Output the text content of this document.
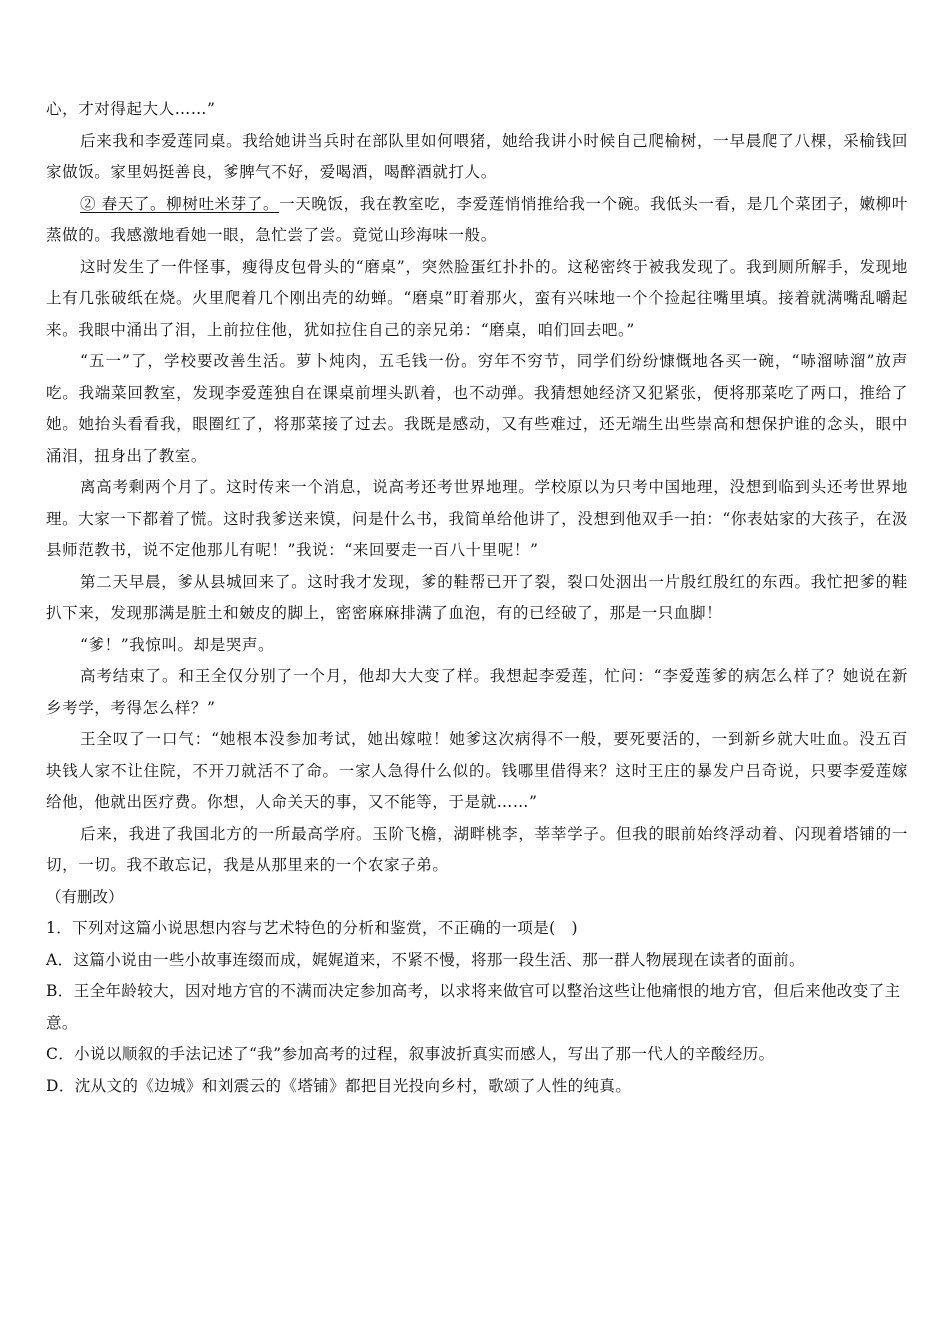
心，才对得起大人……”

后来我和李爱莲同桌。我给她讲当兵时在部队里如何喂猪，她给我讲小时候自己爬榆树，一早晨爬了八棵，采榆钱回家做饭。家里妈挺善良，爹脾气不好，爱喝酒，喝醉酒就打人。

② 春天了。柳树吐米芽了。一天晚饭，我在教室吃，李爱莲悄悄推给我一个碗。我低头一看，是几个菜团子，嫩柳叶蒸做的。我感激地看她一眼，急忙尝了尝。竟觉山珍海味一般。

这时发生了一件怪事，瘦得皮包骨头的“磨桌”，突然脸蛋红扑扑的。这秘密终于被我发现了。我到厕所解手，发现地上有几张破纸在烧。火里爬着几个刚出壳的幼蝉。“磨桌”盯着那火，蛮有兴味地一个个捡起往嘴里填。接着就满嘴乱嚼起来。我眼中涌出了泪，上前拉住他，犹如拉住自己的亲兄弟：“磨桌，咱们回去吧。”

“五一”了，学校要改善生活。萝卜炖肉，五毛钱一份。穷年不穷节，同学们纷纷慷慨地各买一碗，“哧溜哧溜”放声吃。我端菜回教室，发现李爱莲独自在课桌前埋头趴着，也不动弹。我猜想她经济又犯紧张，便将那菜吃了两口，推给了她。她抬头看看我，眼圈红了，将那菜接了过去。我既是感动，又有些难过，还无端生出些崇高和想保护谁的念头，眼中涌泪，扭身出了教室。

离高考剩两个月了。这时传来一个消息，说高考还考世界地理。学校原以为只考中国地理，没想到临到头还考世界地理。大家一下都着了慌。这时我爹送来馍，问是什么书，我简单给他讲了，没想到他双手一拍：“你表姑家的大孩子，在汲县师范教书，说不定他那儿有呢！”我说：“来回要走一百八十里呢！”

第二天早晨，爹从县城回来了。这时我才发现，爹的鞋帮已开了裂，裂口处洇出一片殷红殷红的东西。我忙把爹的鞋扒下来，发现那满是脏土和皴皮的脚上，密密麻麻排满了血泡，有的已经破了，那是一只血脚！

“爹！”我惊叫。却是哭声。

高考结束了。和王全仅分别了一个月，他却大大变了样。我想起李爱莲，忙问：“李爱莲爹的病怎么样了？她说在新乡考学，考得怎么样？”

王全叹了一口气：“她根本没参加考试，她出嫁啦！她爹这次病得不一般，要死要活的，一到新乡就大吐血。没五百块钱人家不让住院，不开刀就活不了命。一家人急得什么似的。钱哪里借得来？这时王庄的暴发户吕奇说，只要李爱莲嫁给他，他就出医疗费。你想，人命关天的事，又不能等，于是就……”

后来，我进了我国北方的一所最高学府。玉阶飞檐，湖畔桃李，莘莘学子。但我的眼前始终浮动着、闪现着塔铺的一切，一切。我不敢忘记，我是从那里来的一个农家子弟。

（有删改）

1．下列对这篇小说思想内容与艺术特色的分析和鉴赏，不正确的一项是(　)

A．这篇小说由一些小故事连缀而成，娓娓道来，不紧不慢，将那一段生活、那一群人物展现在读者的面前。

B．王全年龄较大，因对地方官的不满而决定参加高考，以求将来做官可以整治这些让他痛恨的地方官，但后来他改变了主意。

C．小说以顺叙的手法记述了“我”参加高考的过程，叙事波折真实而感人，写出了那一代人的辛酸经历。

D．沈从文的《边城》和刘震云的《塔铺》都把目光投向乡村，歌颂了人性的纯真。
